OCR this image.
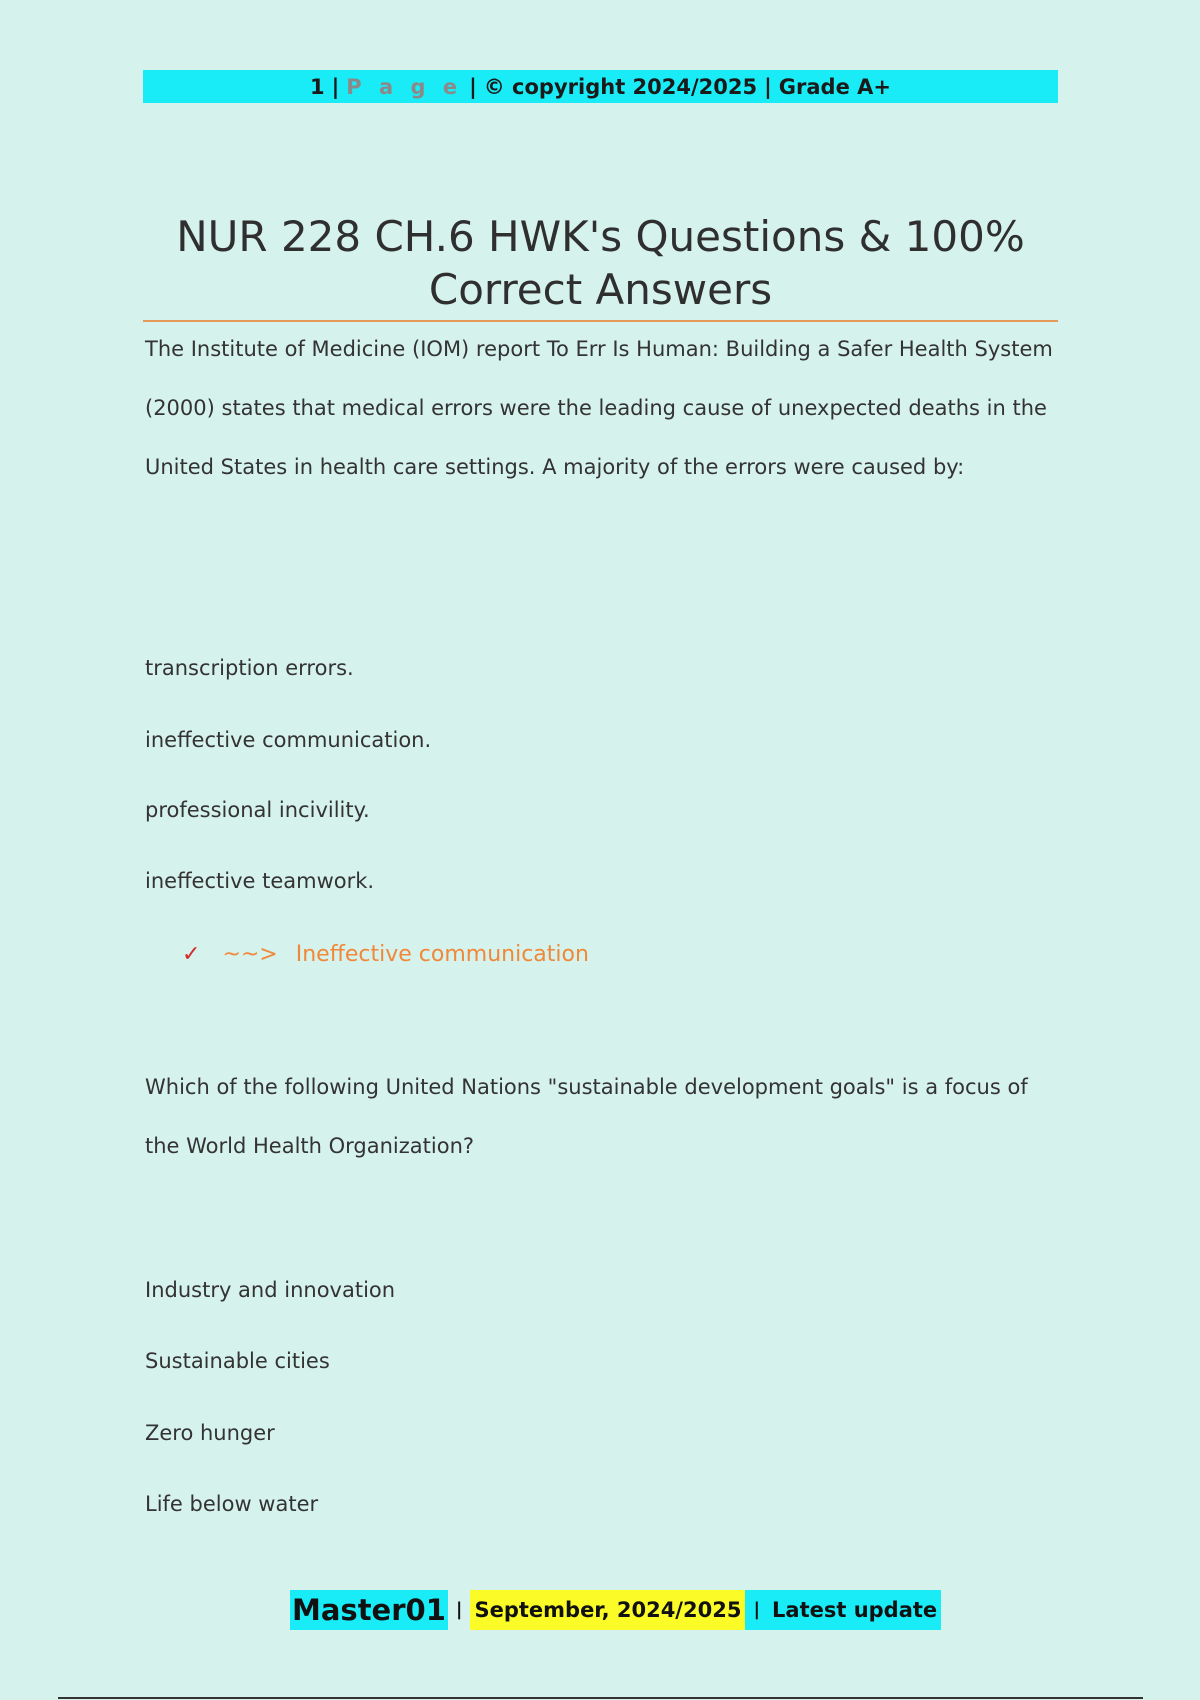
1 | P a g e | © copyright 2024/2025 | Grade A+
NUR 228 CH.6 HWK's Questions & 100%
Correct Answers
The Institute of Medicine (IOM) report To Err Is Human: Building a Safer Health System (2000) states that medical errors were the leading cause of unexpected deaths in the United States in health care settings. A majority of the errors were caused by:
transcription errors.
ineffective communication.
professional incivility.
ineffective teamwork.
✓ ~~> Ineffective communication
Which of the following United Nations "sustainable development goals" is a focus of the World Health Organization?
Industry and innovation
Sustainable cities
Zero hunger
Life below water
Master01 | September, 2024/2025 | Latest update
